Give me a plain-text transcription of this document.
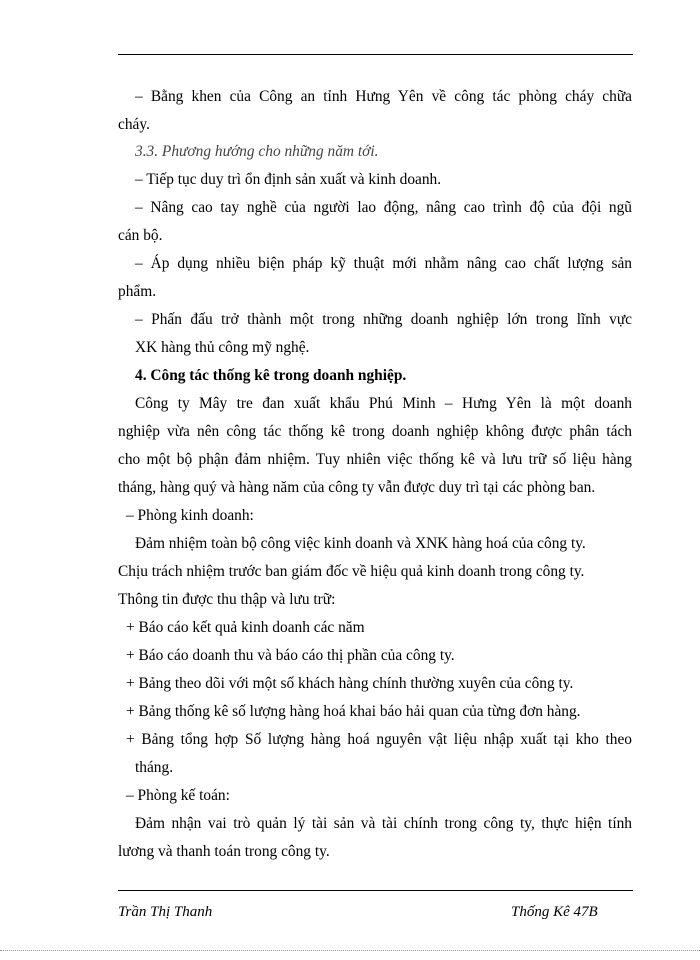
– Bằng khen của Công an tỉnh Hưng Yên về công tác phòng cháy chữa
cháy.
3.3. Phương hướng cho những năm tới.
– Tiếp tục duy trì ổn định sản xuất và kinh doanh.
– Nâng cao tay nghề của người lao động, nâng cao trình độ của đội ngũ
cán bộ.
– Áp dụng nhiều biện pháp kỹ thuật mới nhằm nâng cao chất lượng sản
phẩm.
– Phấn đấu trở thành một trong những doanh nghiệp lớn trong lĩnh vực
XK hàng thủ công mỹ nghệ.
4. Công tác thống kê trong doanh nghiệp.
Công ty Mây tre đan xuất khẩu Phú Minh – Hưng Yên là một doanh
nghiệp vừa nên công tác thống kê trong doanh nghiệp không được phân tách
cho một bộ phận đảm nhiệm. Tuy nhiên việc thống kê và lưu trữ số liệu hàng
tháng, hàng quý và hàng năm của công ty vẫn được duy trì tại các phòng ban.
– Phòng kinh doanh:
Đảm nhiệm toàn bộ công việc kinh doanh và XNK hàng hoá của công ty.
Chịu trách nhiệm trước ban giám đốc về hiệu quả kinh doanh trong công ty.
Thông tin được thu thập và lưu trữ:
+ Báo cáo kết quả kinh doanh các năm
+ Báo cáo doanh thu và báo cáo thị phần của công ty.
+ Bảng theo dõi với một số khách hàng chính thường xuyên của công ty.
+ Bảng thống kê số lượng hàng hoá khai báo hải quan của từng đơn hàng.
+ Bảng tổng hợp Số lượng hàng hoá nguyên vật liệu nhập xuất tại kho theo
tháng.
– Phòng kế toán:
Đảm nhận vai trò quản lý tài sản và tài chính trong công ty, thực hiện tính
lương và thanh toán trong công ty.
Trần Thị Thanh	Thống Kê 47B
